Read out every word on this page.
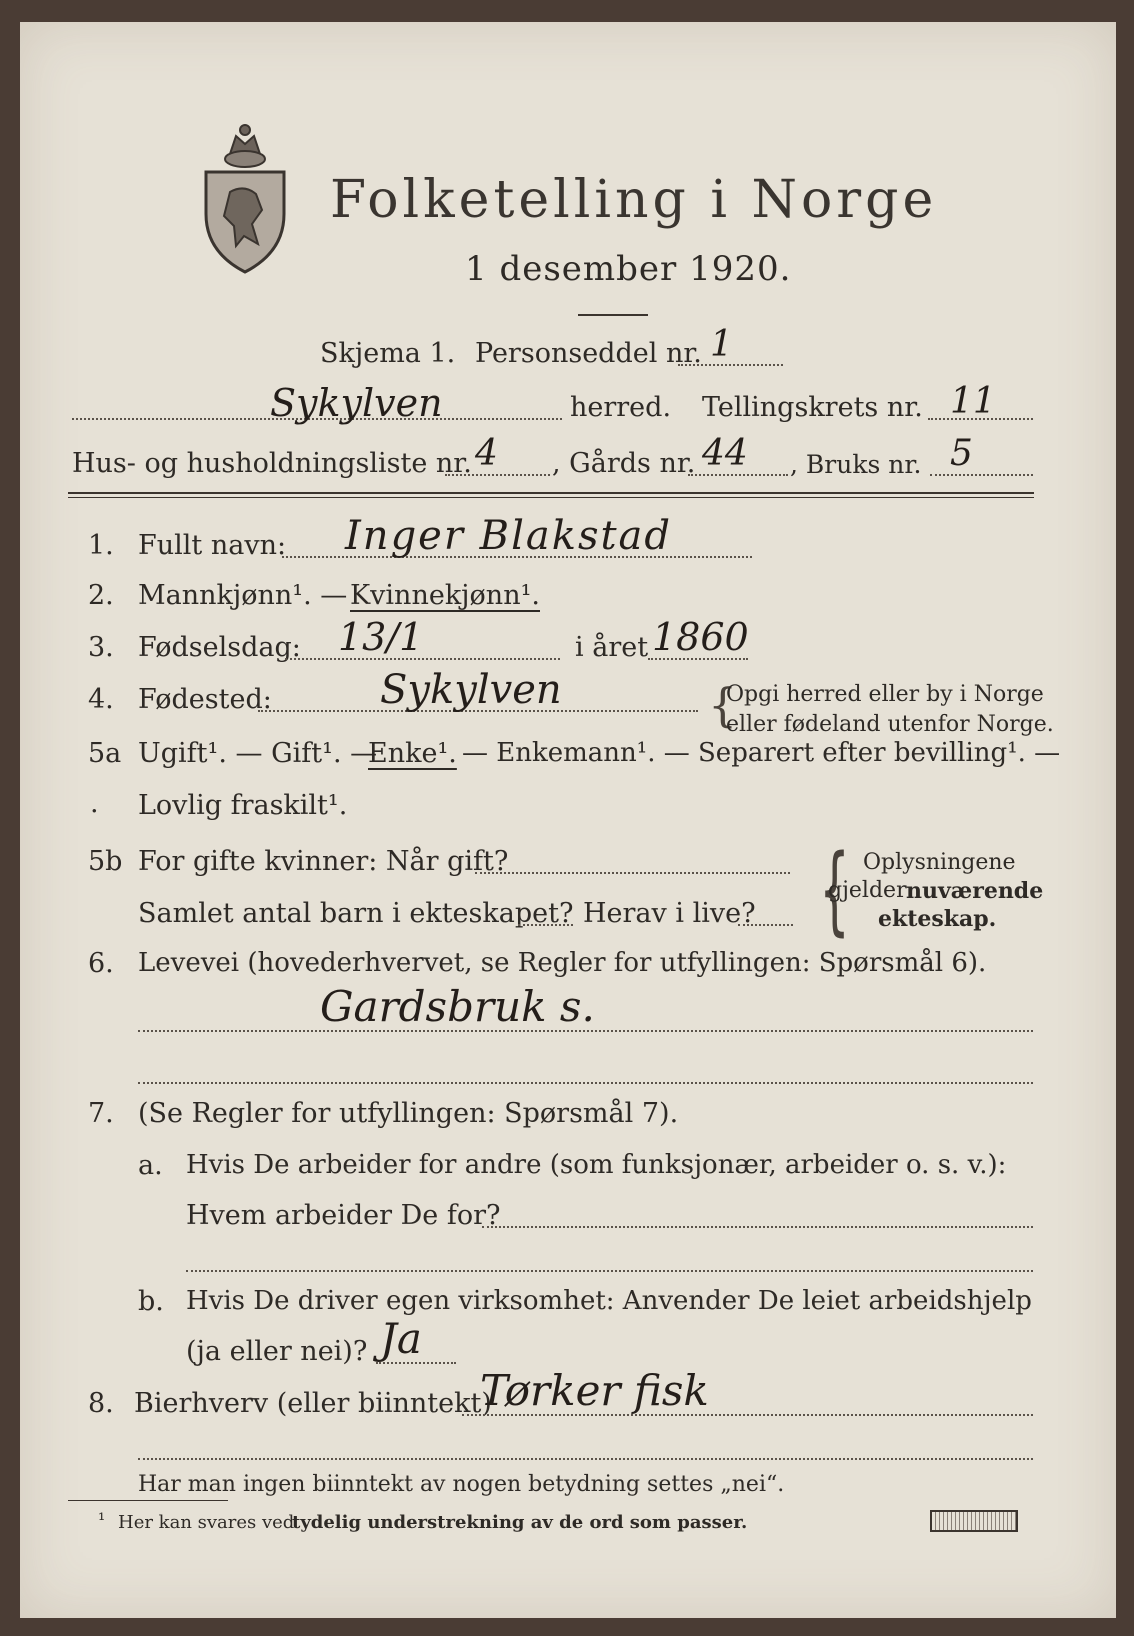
Folketelling i Norge
1 desember 1920.
Skjema 1. Personseddel nr. 1
Sykylven	herred. Tellingskrets nr. 11
Hus- og husholdningsliste nr. 4 , Gårds nr. 44 , Bruks nr. 5
1. Fullt navn: Inger Blakstad
2. Mannkjønn¹. — Kvinnekjønn¹.
3. Fødselsdag: 13/1	i året 1860
4. Fødested:	Sykylven	{
Opgi herred eller by i Norge
eller fødeland utenfor Norge.
5a Ugift¹. — Gift¹. —
Enke¹. — Enkemann¹. — Separert efter bevilling¹. —
. Lovlig fraskilt¹.
5b For gifte kvinner: Når gift?
Samlet antal barn i ekteskapet? Herav i live? { Oplysningene
gjelder nuværende
ekteskap.
6. Levevei (hovederhvervet, se Regler for utfyllingen: Spørsmål 6).
Gardsbruk s.
7. (Se Regler for utfyllingen: Spørsmål 7).
a. Hvis De arbeider for andre (som funksjonær, arbeider o. s. v.):
Hvem arbeider De for?
b. Hvis De driver egen virksomhet: Anvender De leiet arbeidshjelp
(ja eller nei)? Ja
8. Bierhverv (eller biinntekt)
Tørker fisk
Har man ingen biinntekt av nogen betydning settes „nei“.
¹ Her kan svares ved
tydelig understrekning av de ord som passer.
